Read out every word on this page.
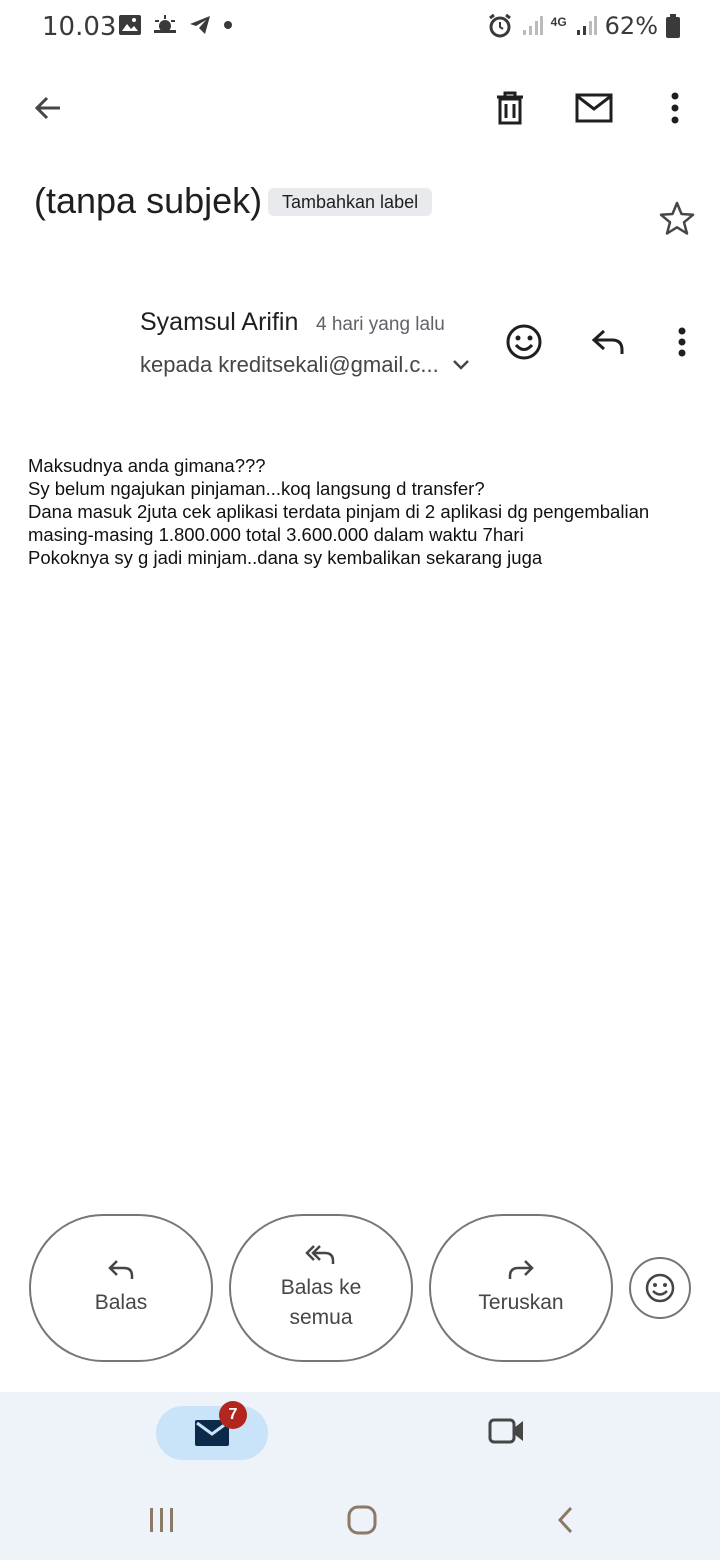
10.03	4G 62%
(tanpa subjek)	Tambahkan label
Syamsul Arifin 4 hari yang lalu
kepada kreditsekali@gmail.c...
Maksudnya anda gimana???
Sy belum ngajukan pinjaman...koq langsung d transfer?
Dana masuk 2juta cek aplikasi terdata pinjam di 2 aplikasi dg pengembalian
masing-masing 1.800.000 total 3.600.000 dalam waktu 7hari
Pokoknya sy g jadi minjam..dana sy kembalikan sekarang juga
Balas
Balas ke
semua
Teruskan
7
